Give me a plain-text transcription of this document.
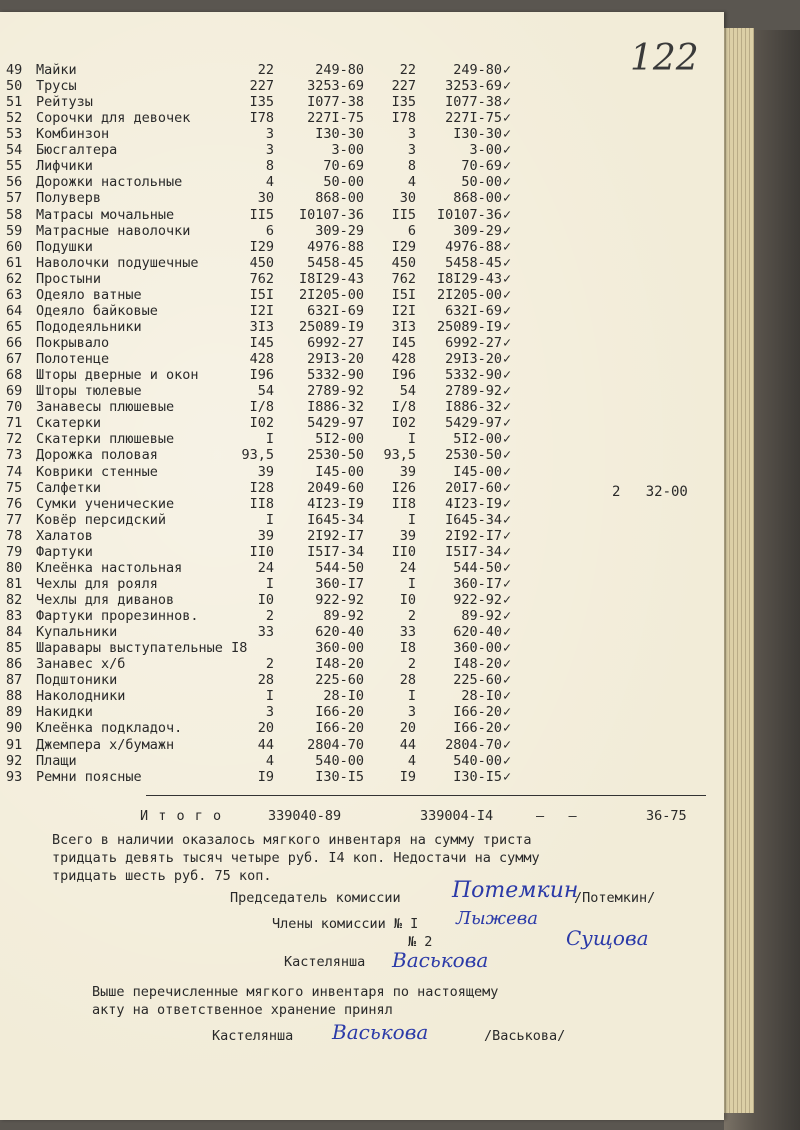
122
49 Майки	22	249-80	22	249-80 ✓
50 Трусы	227	3253-69	227	3253-69 ✓
51 Рейтузы	I35	I077-38	I35	I077-38 ✓
52 Сорочки для девочек	I78	227I-75	I78	227I-75 ✓
53 Комбинзон	3	I30-30	3	I30-30 ✓
54 Бюсгалтера	3	3-00	3	3-00 ✓
55 Лифчики	8	70-69	8	70-69 ✓
56 Дорожки настольные	4	50-00	4	50-00 ✓
57 Полуверв	30	868-00	30	868-00 ✓
58 Матрасы мочальные	II5	I0107-36	II5	I0107-36 ✓
59 Матрасные наволочки	6	309-29	6	309-29 ✓
60 Подушки	I29	4976-88	I29	4976-88 ✓
61 Наволочки подушечные	450	5458-45	450	5458-45 ✓
62 Простыни	762	I8I29-43	762	I8I29-43 ✓
63 Одеяло ватные	I5I	2I205-00	I5I	2I205-00 ✓
64 Одеяло байковые	I2I	632I-69	I2I	632I-69 ✓
65 Пододеяльники	3I3	25089-I9	3I3	25089-I9 ✓
66 Покрывало	I45	6992-27	I45	6992-27 ✓
67 Полотенце	428	29I3-20	428	29I3-20 ✓
68 Шторы дверные и окон	I96	5332-90	I96	5332-90 ✓
69 Шторы тюлевые	54	2789-92	54	2789-92 ✓
70 Занавесы плюшевые	I/8	I886-32	I/8	I886-32 ✓
71 Скатерки	I02	5429-97	I02	5429-97 ✓
72 Скатерки плюшевые	I	5I2-00	I	5I2-00 ✓
73 Дорожка половая	93,5	2530-50	93,5	2530-50 ✓
74 Коврики стенные	39	I45-00	39	I45-00 ✓
75 Салфетки	I28	2049-60	I26	20I7-60 ✓
76 Сумки ученические	II8	4I23-I9	II8	4I23-I9 ✓
77 Ковёр персидский	I	I645-34	I	I645-34 ✓
78 Халатов	39	2I92-I7	39	2I92-I7 ✓
79 Фартуки	II0	I5I7-34	II0	I5I7-34 ✓
80 Клеёнка настольная	24	544-50	24	544-50 ✓
81 Чехлы для рояля	I	360-I7	I	360-I7 ✓
82 Чехлы для диванов	I0	922-92	I0	922-92 ✓
83 Фартуки прорезиннов.	2	89-92	2	89-92 ✓
84 Купальники	33	620-40	33	620-40 ✓
85 Шаравары выступательные I8	360-00	I8	360-00 ✓
86 Занавес х/б	2	I48-20	2	I48-20 ✓
87 Подштоники	28	225-60	28	225-60 ✓
88 Наколодники	I	28-I0	I	28-I0 ✓
89 Накидки	3	I66-20	3	I66-20 ✓
90 Клеёнка подкладоч.	20	I66-20	20	I66-20 ✓
91 Джемпера х/бумажн	44	2804-70	44	2804-70 ✓
92 Плащи	4	540-00	4	540-00 ✓
93 Ремни поясные	I9	I30-I5	I9	I30-I5 ✓
2   32-00
И т о г о	339040-89	339004-I4	–   –	36-75
Всего в наличии оказалось мягкого инвентаря на сумму триста
тридцать девять тысяч четыре руб. I4 коп. Недостачи на сумму
тридцать шесть руб. 75 коп.
Председатель комиссии Потемкин
/Потемкин/
Члены комиссии № I Лыжева
№ 2	Сущова
Кастелянша Васькова
Выше перечисленные мягкого инвентаря по настоящему
акту на ответственное хранение принял
Кастелянша Васькова	/Васькова/
